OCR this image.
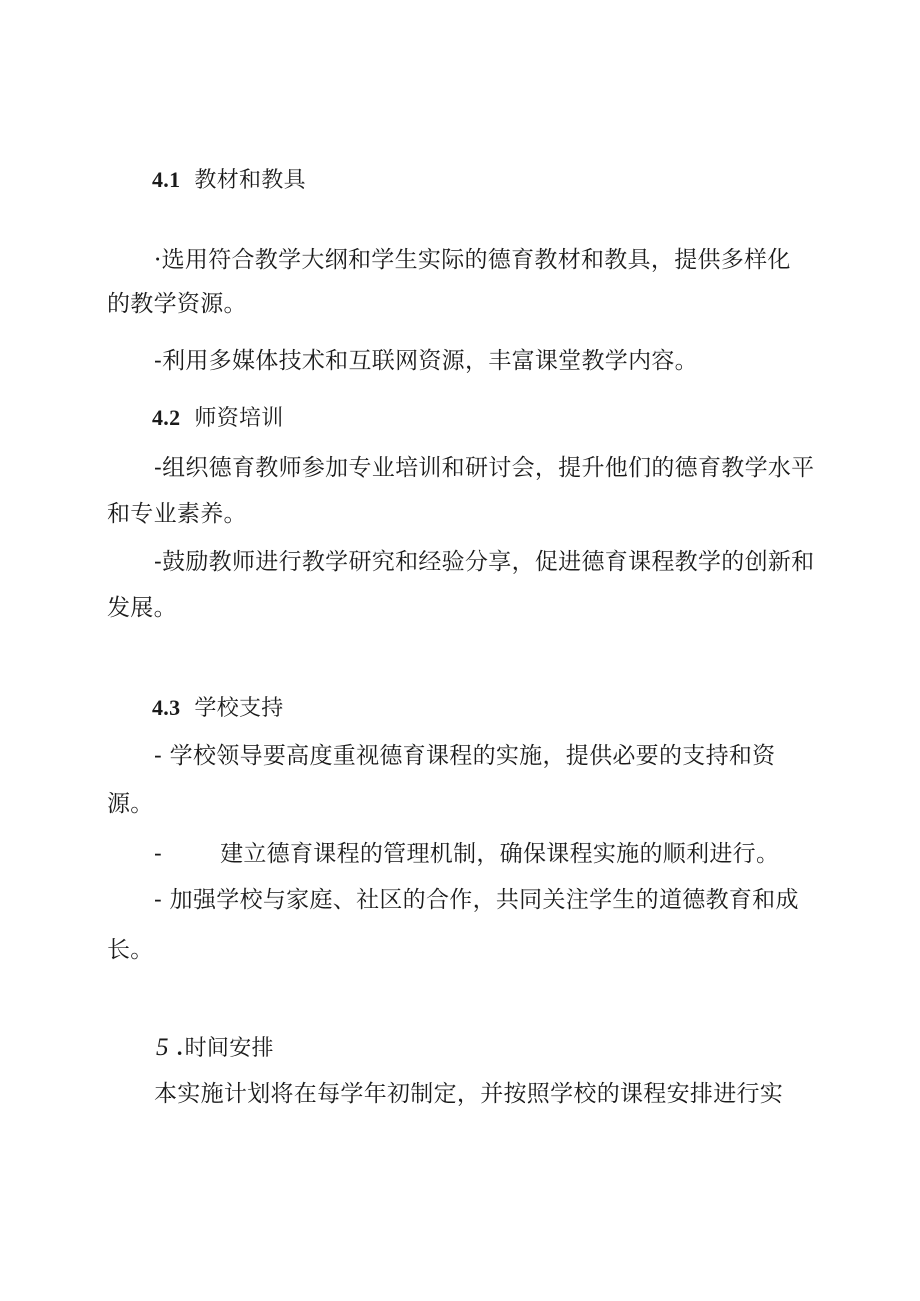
4.1 教材和教具
·选用符合教学大纲和学生实际的德育教材和教具，提供多样化
的教学资源。
-利用多媒体技术和互联网资源，丰富课堂教学内容。
4.2 师资培训
-组织德育教师参加专业培训和研讨会，提升他们的德育教学水平
和专业素养。
-鼓励教师进行教学研究和经验分享，促进德育课程教学的创新和
发展。
4.3 学校支持
- 学校领导要高度重视德育课程的实施，提供必要的支持和资
源。
-	建立德育课程的管理机制，确保课程实施的顺利进行。
- 加强学校与家庭、社区的合作，共同关注学生的道德教育和成
长。
5 .时间安排
本实施计划将在每学年初制定，并按照学校的课程安排进行实
